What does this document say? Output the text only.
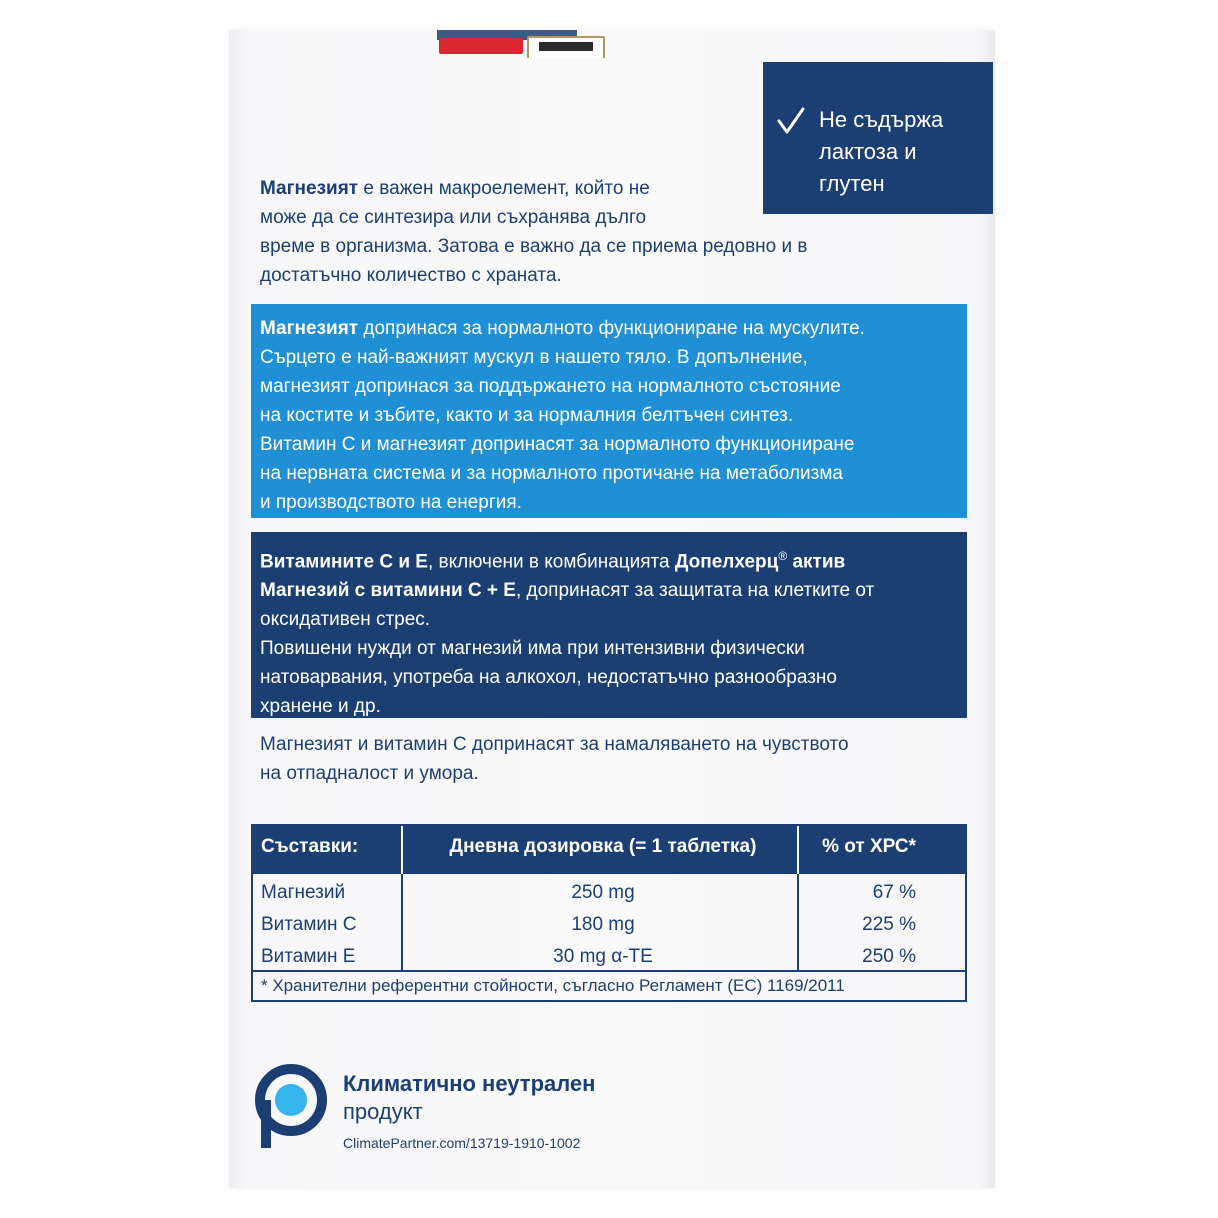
Не съдържа
лактоза и
глутен
Магнезият е важен макроелемент, който не
може да се синтезира или съхранява дълго
време в организма. Затова е важно да се приема редовно и в
достатъчно количество с храната.
Магнезият допринася за нормалното функциониране на мускулите.
Сърцето е най-важният мускул в нашето тяло. В допълнение,
магнезият допринася за поддържането на нормалното състояние
на костите и зъбите, както и за нормалния белтъчен синтез.
Витамин С и магнезият допринасят за нормалното функциониране
на нервната система и за нормалното протичане на метаболизма
и производството на енергия.
Витамините С и Е, включени в комбинацията Допелхерц® актив
Магнезий с витамини С + Е, допринасят за защитата на клетките от
оксидативен стрес.
Повишени нужди от магнезий има при интензивни физически
натоварвания, употреба на алкохол, недостатъчно разнообразно
хранене и др.
Магнезият и витамин С допринасят за намаляването на чувството
на отпадналост и умора.
Съставки:	Дневна дозировка (= 1 таблетка)	% от ХРС*
Магнезий	250 mg	67 %
Витамин С	180 mg	225 %
Витамин Е	30 mg α-TE	250 %
* Хранителни референтни стойности, съгласно Регламент (ЕС) 1169/2011
Климатично неутрален
продукт
ClimatePartner.com/13719-1910-1002
